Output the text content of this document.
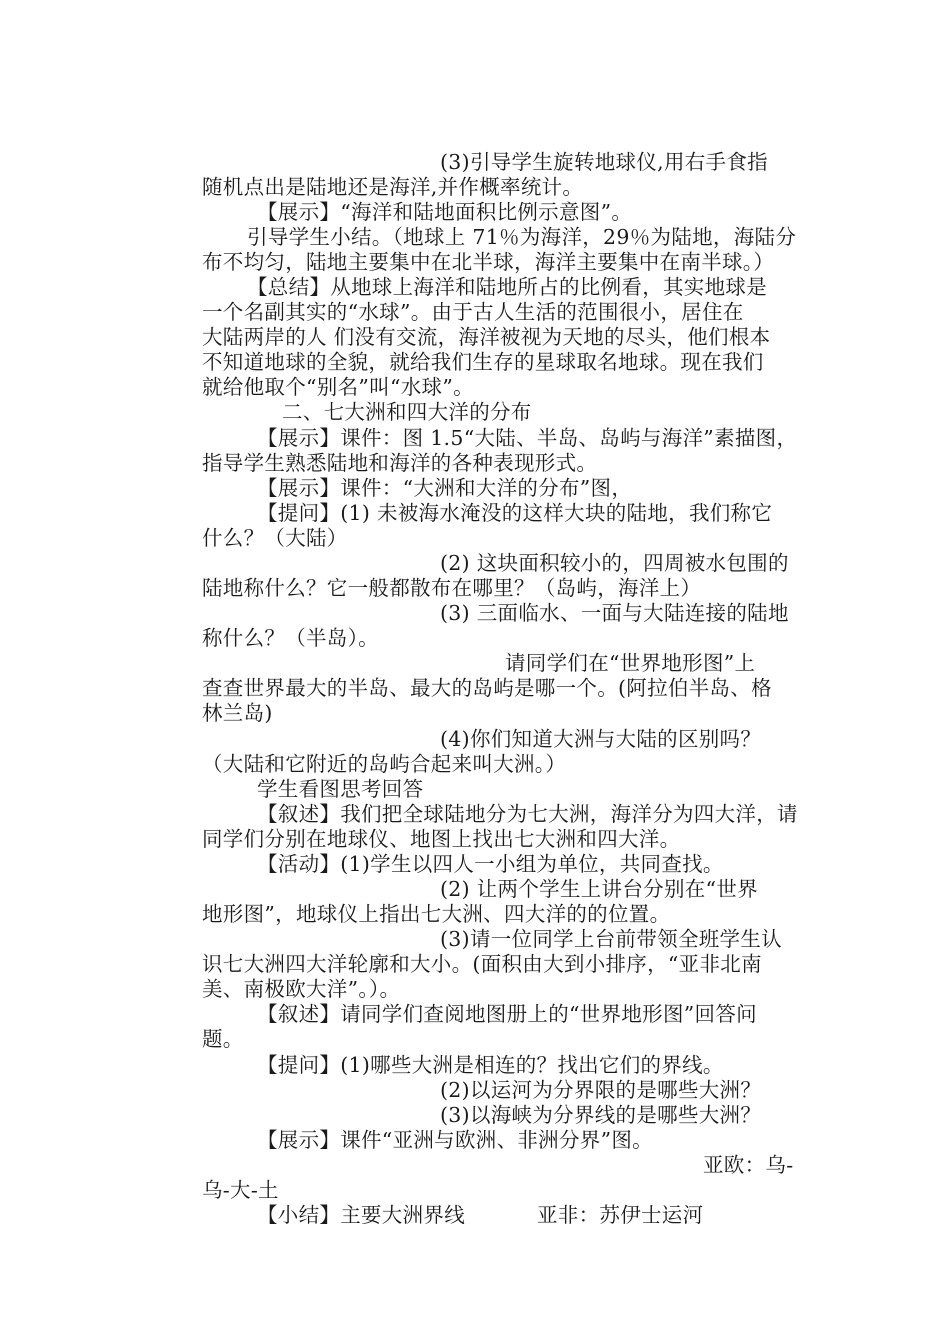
(3)引导学生旋转地球仪,用右手食指
随机点出是陆地还是海洋,并作概率统计。
【展示】“海洋和陆地面积比例示意图”。
引导学生小结。（地球上 71％为海洋，29％为陆地，海陆分
布不均匀，陆地主要集中在北半球，海洋主要集中在南半球。）
【总结】从地球上海洋和陆地所占的比例看，其实地球是
一个名副其实的“水球”。由于古人生活的范围很小，居住在
大陆两岸的人 们没有交流，海洋被视为天地的尽头，他们根本
不知道地球的全貌，就给我们生存的星球取名地球。现在我们
就给他取个“别名”叫“水球”。
二、七大洲和四大洋的分布
【展示】课件：图 1.5“大陆、半岛、岛屿与海洋”素描图，
指导学生熟悉陆地和海洋的各种表现形式。
【展示】课件：“大洲和大洋的分布”图，
【提问】(1) 未被海水淹没的这样大块的陆地，我们称它
什么？（大陆）
(2) 这块面积较小的，四周被水包围的
陆地称什么？它一般都散布在哪里？（岛屿，海洋上）
(3) 三面临水、一面与大陆连接的陆地
称什么？（半岛）。
请同学们在“世界地形图”上
查查世界最大的半岛、最大的岛屿是哪一个。(阿拉伯半岛、格
林兰岛)
(4)你们知道大洲与大陆的区别吗？
（大陆和它附近的岛屿合起来叫大洲。）
学生看图思考回答
【叙述】我们把全球陆地分为七大洲，海洋分为四大洋，请
同学们分别在地球仪、地图上找出七大洲和四大洋。
【活动】(1)学生以四人一小组为单位，共同查找。
(2) 让两个学生上讲台分别在“世界
地形图”，地球仪上指出七大洲、四大洋的的位置。
(3)请一位同学上台前带领全班学生认
识七大洲四大洋轮廓和大小。(面积由大到小排序，“亚非北南
美、南极欧大洋”。）。
【叙述】请同学们查阅地图册上的“世界地形图”回答问
题。
【提问】(1)哪些大洲是相连的？找出它们的界线。
(2)以运河为分界限的是哪些大洲？
(3)以海峡为分界线的是哪些大洲？
【展示】课件“亚洲与欧洲、非洲分界”图。
亚欧：乌-
乌-大-土
【小结】主要大洲界线	亚非：苏伊士运河
